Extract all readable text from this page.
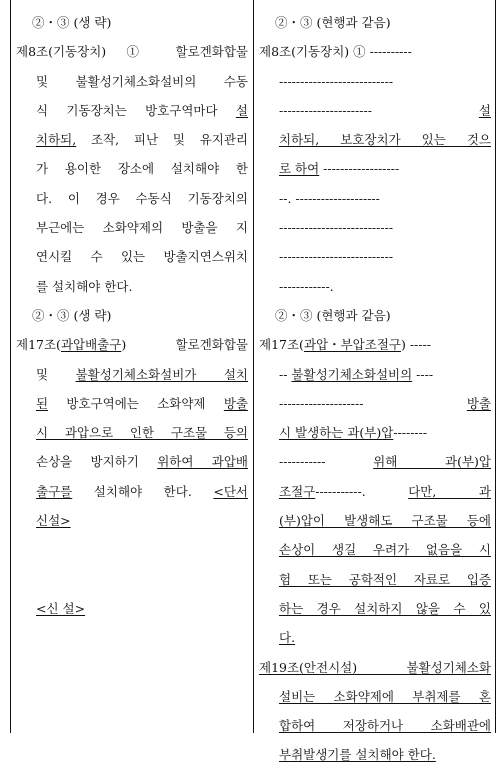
②・③ (생 략)
제8조(기동장치) ① 할로겐화합물
및 불활성기체소화설비의 수동
식 기동장치는 방호구역마다 설
치하되, 조작, 피난 및 유지관리
가 용이한 장소에 설치해야 한
다. 이 경우 수동식 기동장치의
부근에는 소화약제의 방출을 지
연시킬 수 있는 방출지연스위치
를 설치해야 한다.
②・③ (생 략)
제17조(과압배출구) 할로겐화합물
및 불활성기체소화설비가 설치
된 방호구역에는 소화약제 방출
시 과압으로 인한 구조물 등의
손상을 방지하기 위하여 과압배
출구를 설치해야 한다. <단서
신설>
<신 설>
②・③ (현행과 같음)
제8조(기동장치) ① ----------
---------------------------
---------------------- 설
치하되, 보호장치가 있는 것으
로 하여 ------------------
--. --------------------
---------------------------
---------------------------
------------.
②・③ (현행과 같음)
제17조(과압・부압조절구) -----
-- 불활성기체소화설비의 ----
-------------------- 방출
시 발생하는 과(부)압--------
----------- 위해 과(부)압
조절구-----------. 다만, 과
(부)압이 발생해도 구조물 등에
손상이 생길 우려가 없음을 시
험 또는 공학적인 자료로 입증
하는 경우 설치하지 않을 수 있
다.
제19조(안전시설) 불활성기체소화
설비는 소화약제에 부취제를 혼
합하여 저장하거나 소화배관에
부취발생기를 설치해야 한다.
